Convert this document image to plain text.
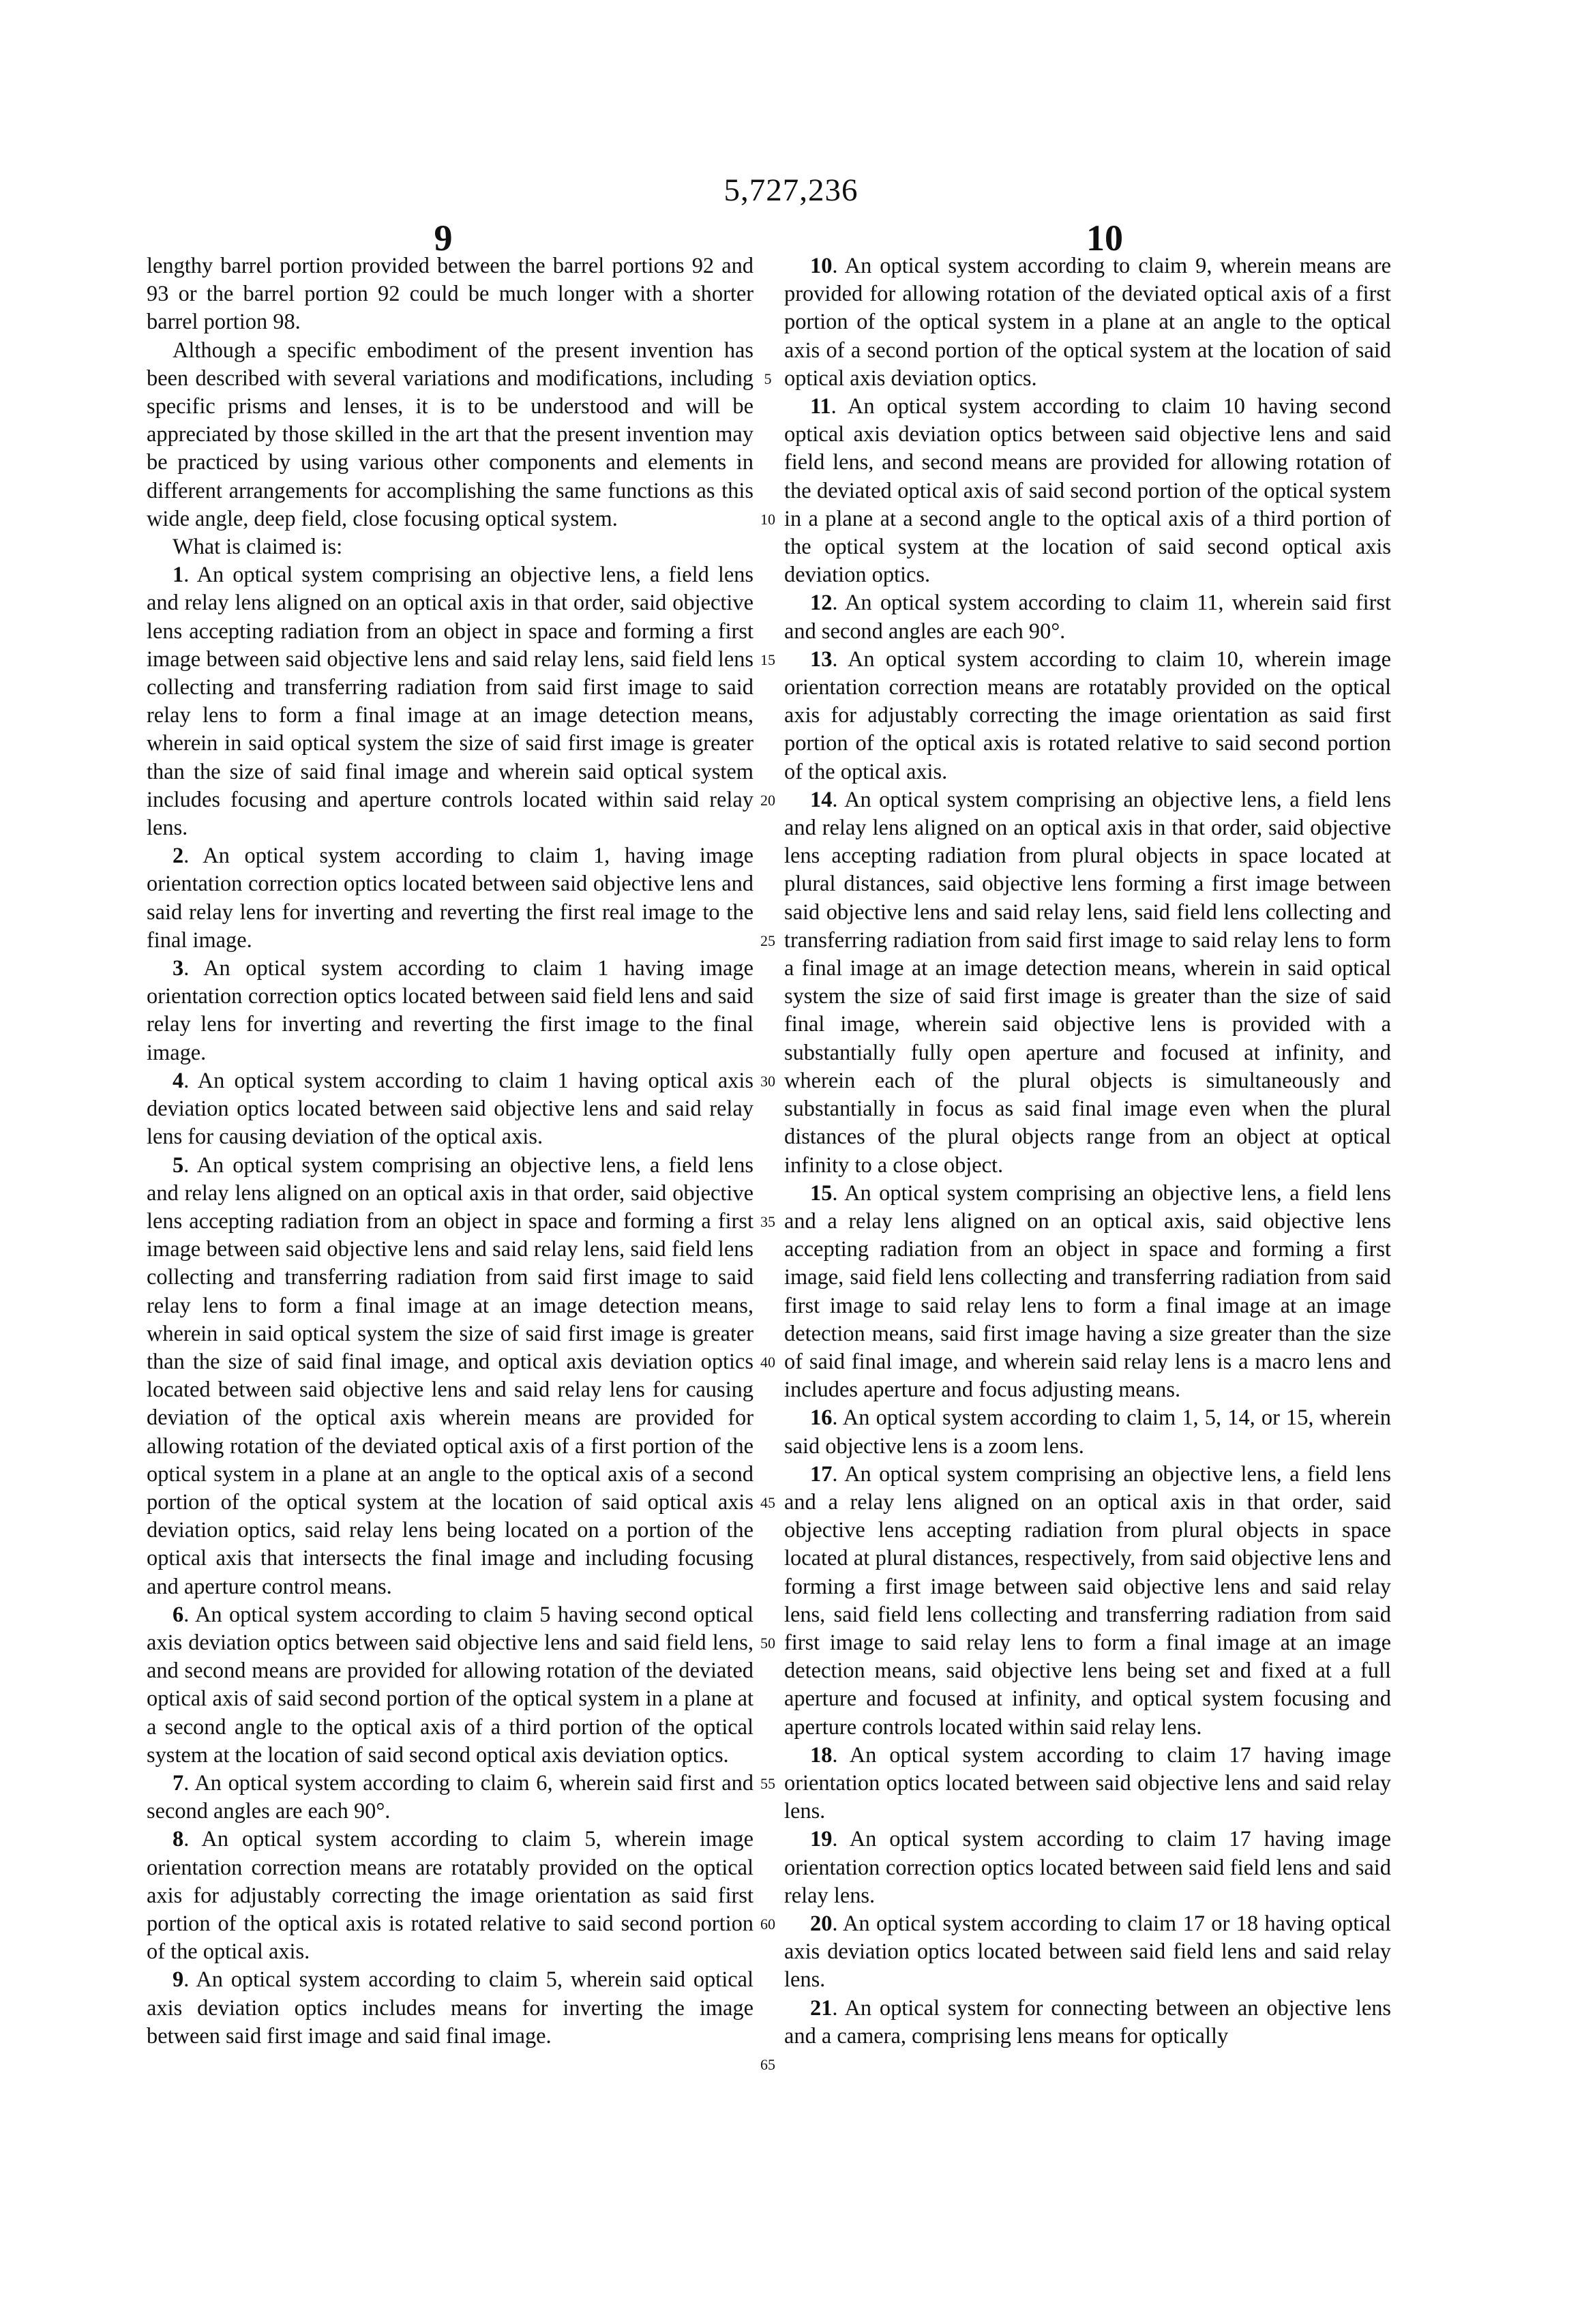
5,727,236
9	10

lengthy barrel portion provided between the barrel portions 92 and 93 or the barrel portion 92 could be much longer with a shorter barrel portion 98.

Although a specific embodiment of the present invention has been described with several variations and modifications, including specific prisms and lenses, it is to be understood and will be appreciated by those skilled in the art that the present invention may be practiced by using various other components and elements in different arrangements for accomplishing the same functions as this wide angle, deep field, close focusing optical system.

What is claimed is:

1. An optical system comprising an objective lens, a field lens and relay lens aligned on an optical axis in that order, said objective lens accepting radiation from an object in space and forming a first image between said objective lens and said relay lens, said field lens collecting and transferring radiation from said first image to said relay lens to form a final image at an image detection means, wherein in said optical system the size of said first image is greater than the size of said final image and wherein said optical system includes focusing and aperture controls located within said relay lens.

2. An optical system according to claim 1, having image orientation correction optics located between said objective lens and said relay lens for inverting and reverting the first real image to the final image.

3. An optical system according to claim 1 having image orientation correction optics located between said field lens and said relay lens for inverting and reverting the first image to the final image.

4. An optical system according to claim 1 having optical axis deviation optics located between said objective lens and said relay lens for causing deviation of the optical axis.

5. An optical system comprising an objective lens, a field lens and relay lens aligned on an optical axis in that order, said objective lens accepting radiation from an object in space and forming a first image between said objective lens and said relay lens, said field lens collecting and transferring radiation from said first image to said relay lens to form a final image at an image detection means, wherein in said optical system the size of said first image is greater than the size of said final image, and optical axis deviation optics located between said objective lens and said relay lens for causing deviation of the optical axis wherein means are provided for allowing rotation of the deviated optical axis of a first portion of the optical system in a plane at an angle to the optical axis of a second portion of the optical system at the location of said optical axis deviation optics, said relay lens being located on a portion of the optical axis that intersects the final image and including focusing and aperture control means.

6. An optical system according to claim 5 having second optical axis deviation optics between said objective lens and said field lens, and second means are provided for allowing rotation of the deviated optical axis of said second portion of the optical system in a plane at a second angle to the optical axis of a third portion of the optical system at the location of said second optical axis deviation optics.

7. An optical system according to claim 6, wherein said first and second angles are each 90°.

8. An optical system according to claim 5, wherein image orientation correction means are rotatably provided on the optical axis for adjustably correcting the image orientation as said first portion of the optical axis is rotated relative to said second portion of the optical axis.

9. An optical system according to claim 5, wherein said optical axis deviation optics includes means for inverting the image between said first image and said final image.

5
10
15
20
25
30
35
40
45
50
55
60
65

10. An optical system according to claim 9, wherein means are provided for allowing rotation of the deviated optical axis of a first portion of the optical system in a plane at an angle to the optical axis of a second portion of the optical system at the location of said optical axis deviation optics.

11. An optical system according to claim 10 having second optical axis deviation optics between said objective lens and said field lens, and second means are provided for allowing rotation of the deviated optical axis of said second portion of the optical system in a plane at a second angle to the optical axis of a third portion of the optical system at the location of said second optical axis deviation optics.

12. An optical system according to claim 11, wherein said first and second angles are each 90°.

13. An optical system according to claim 10, wherein image orientation correction means are rotatably provided on the optical axis for adjustably correcting the image orientation as said first portion of the optical axis is rotated relative to said second portion of the optical axis.

14. An optical system comprising an objective lens, a field lens and relay lens aligned on an optical axis in that order, said objective lens accepting radiation from plural objects in space located at plural distances, said objective lens forming a first image between said objective lens and said relay lens, said field lens collecting and transferring radiation from said first image to said relay lens to form a final image at an image detection means, wherein in said optical system the size of said first image is greater than the size of said final image, wherein said objective lens is provided with a substantially fully open aperture and focused at infinity, and wherein each of the plural objects is simultaneously and substantially in focus as said final image even when the plural distances of the plural objects range from an object at optical infinity to a close object.

15. An optical system comprising an objective lens, a field lens and a relay lens aligned on an optical axis, said objective lens accepting radiation from an object in space and forming a first image, said field lens collecting and transferring radiation from said first image to said relay lens to form a final image at an image detection means, said first image having a size greater than the size of said final image, and wherein said relay lens is a macro lens and includes aperture and focus adjusting means.

16. An optical system according to claim 1, 5, 14, or 15, wherein said objective lens is a zoom lens.

17. An optical system comprising an objective lens, a field lens and a relay lens aligned on an optical axis in that order, said objective lens accepting radiation from plural objects in space located at plural distances, respectively, from said objective lens and forming a first image between said objective lens and said relay lens, said field lens collecting and transferring radiation from said first image to said relay lens to form a final image at an image detection means, said objective lens being set and fixed at a full aperture and focused at infinity, and optical system focusing and aperture controls located within said relay lens.

18. An optical system according to claim 17 having image orientation optics located between said objective lens and said relay lens.

19. An optical system according to claim 17 having image orientation correction optics located between said field lens and said relay lens.

20. An optical system according to claim 17 or 18 having optical axis deviation optics located between said field lens and said relay lens.

21. An optical system for connecting between an objective lens and a camera, comprising lens means for optically
